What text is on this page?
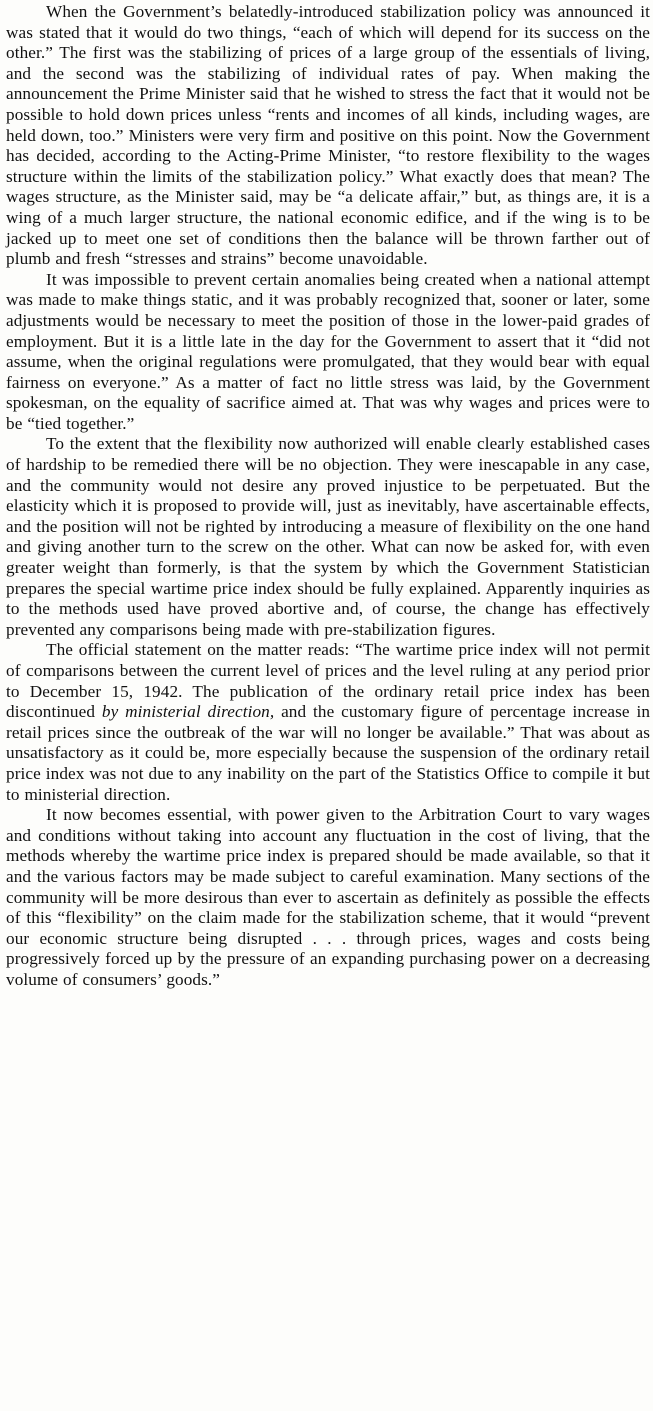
When the Government’s belatedly-introduced stabilization policy was announced it was stated that it would do two things, “each of which will depend for its success on the other.” The first was the stabilizing of prices of a large group of the essentials of living, and the second was the stabilizing of individual rates of pay. When making the announcement the Prime Minister said that he wished to stress the fact that it would not be possible to hold down prices unless “rents and incomes of all kinds, including wages, are held down, too.” Ministers were very firm and positive on this point. Now the Government has decided, according to the Acting-Prime Minister, “to restore flexibility to the wages structure within the limits of the stabilization policy.” What exactly does that mean? The wages structure, as the Minister said, may be “a delicate affair,” but, as things are, it is a wing of a much larger structure, the national economic edifice, and if the wing is to be jacked up to meet one set of conditions then the balance will be thrown farther out of plumb and fresh “stresses and strains” become unavoidable.

It was impossible to prevent certain anomalies being created when a national attempt was made to make things static, and it was probably recognized that, sooner or later, some adjustments would be necessary to meet the position of those in the lower-paid grades of employment. But it is a little late in the day for the Government to assert that it “did not assume, when the original regulations were promulgated, that they would bear with equal fairness on everyone.” As a matter of fact no little stress was laid, by the Government spokesman, on the equality of sacrifice aimed at. That was why wages and prices were to be “tied together.”

To the extent that the flexibility now authorized will enable clearly established cases of hardship to be remedied there will be no objection. They were inescapable in any case, and the community would not desire any proved injustice to be perpetuated. But the elasticity which it is proposed to provide will, just as inevitably, have ascertainable effects, and the position will not be righted by introducing a measure of flexibility on the one hand and giving another turn to the screw on the other. What can now be asked for, with even greater weight than formerly, is that the system by which the Government Statistician prepares the special wartime price index should be fully explained. Apparently inquiries as to the methods used have proved abortive and, of course, the change has effectively prevented any comparisons being made with pre-stabilization figures.

The official statement on the matter reads: “The wartime price index will not permit of comparisons between the current level of prices and the level ruling at any period prior to December 15, 1942. The publication of the ordinary retail price index has been discontinued by ministerial direction, and the customary figure of percentage increase in retail prices since the outbreak of the war will no longer be available.” That was about as unsatisfactory as it could be, more especially because the suspension of the ordinary retail price index was not due to any inability on the part of the Statistics Office to compile it but to ministerial direction.

It now becomes essential, with power given to the Arbitration Court to vary wages and conditions without taking into account any fluctuation in the cost of living, that the methods whereby the wartime price index is prepared should be made available, so that it and the various factors may be made subject to careful examination. Many sections of the community will be more desirous than ever to ascertain as definitely as possible the effects of this “flexibility” on the claim made for the stabilization scheme, that it would “prevent our economic structure being disrupted . . . through prices, wages and costs being progressively forced up by the pressure of an expanding purchasing power on a decreasing volume of consumers’ goods.”
